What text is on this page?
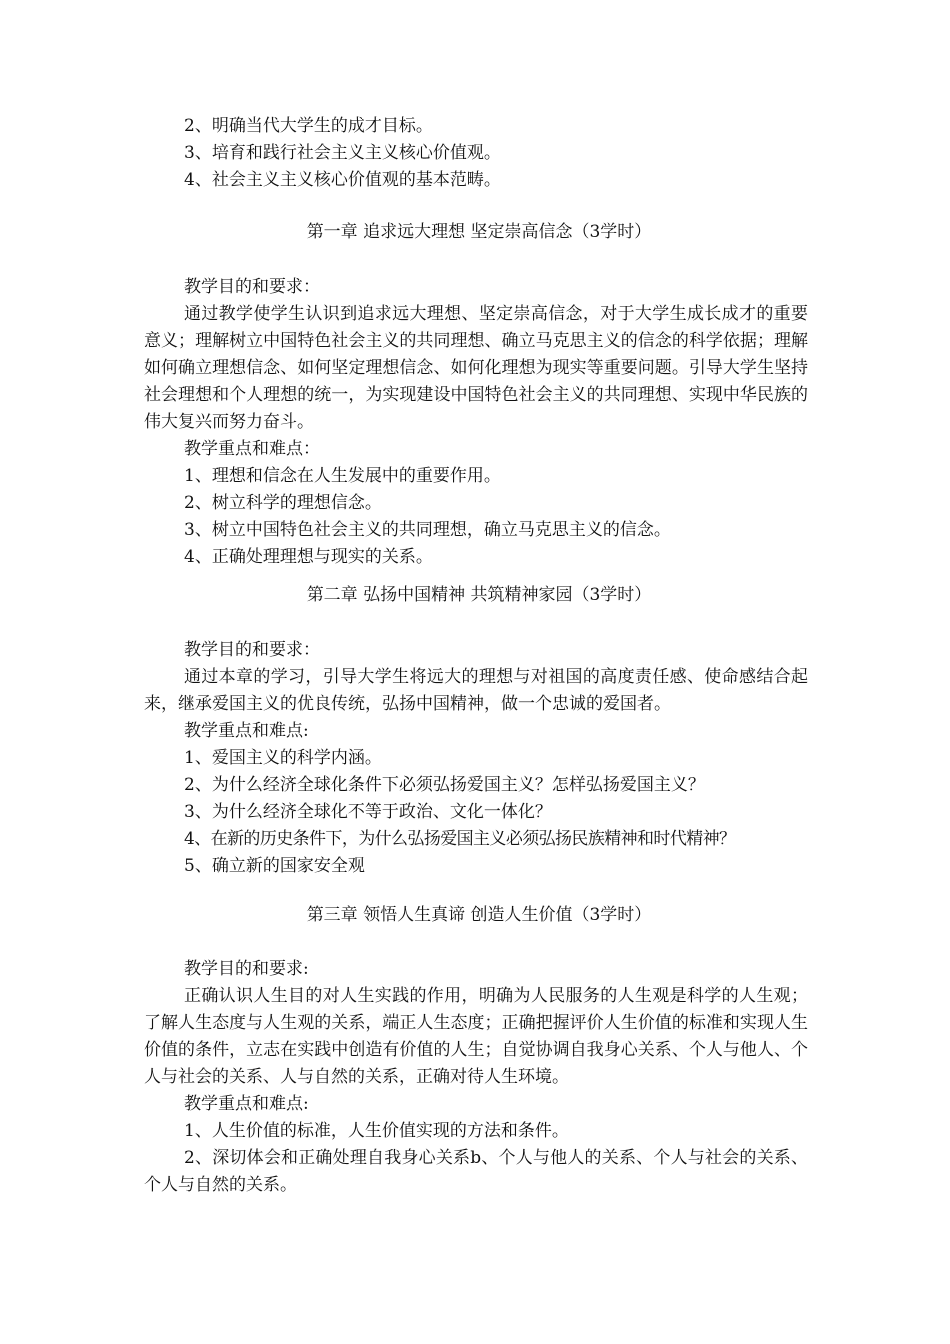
2、明确当代大学生的成才目标。
3、培育和践行社会主义主义核心价值观。
4、社会主义主义核心价值观的基本范畴。
第一章 追求远大理想 坚定崇高信念（3学时）
教学目的和要求：
通过教学使学生认识到追求远大理想、坚定崇高信念，对于大学生成长成才的重要意义；理解树立中国特色社会主义的共同理想、确立马克思主义的信念的科学依据；理解如何确立理想信念、如何坚定理想信念、如何化理想为现实等重要问题。引导大学生坚持社会理想和个人理想的统一，为实现建设中国特色社会主义的共同理想、实现中华民族的伟大复兴而努力奋斗。
教学重点和难点：
1、理想和信念在人生发展中的重要作用。
2、树立科学的理想信念。
3、树立中国特色社会主义的共同理想，确立马克思主义的信念。
4、正确处理理想与现实的关系。
第二章 弘扬中国精神 共筑精神家园（3学时）
教学目的和要求：
通过本章的学习，引导大学生将远大的理想与对祖国的高度责任感、使命感结合起来，继承爱国主义的优良传统，弘扬中国精神，做一个忠诚的爱国者。
教学重点和难点:
1、爱国主义的科学内涵。
2、为什么经济全球化条件下必须弘扬爱国主义？怎样弘扬爱国主义？
3、为什么经济全球化不等于政治、文化一体化？
4、在新的历史条件下，为什么弘扬爱国主义必须弘扬民族精神和时代精神？
5、确立新的国家安全观
第三章 领悟人生真谛 创造人生价值（3学时）
教学目的和要求:
正确认识人生目的对人生实践的作用，明确为人民服务的人生观是科学的人生观；了解人生态度与人生观的关系，端正人生态度；正确把握评价人生价值的标准和实现人生价值的条件，立志在实践中创造有价值的人生；自觉协调自我身心关系、个人与他人、个人与社会的关系、人与自然的关系，正确对待人生环境。
教学重点和难点:
1、人生价值的标准，人生价值实现的方法和条件。
2、深切体会和正确处理自我身心关系b、个人与他人的关系、个人与社会的关系、个人与自然的关系。
